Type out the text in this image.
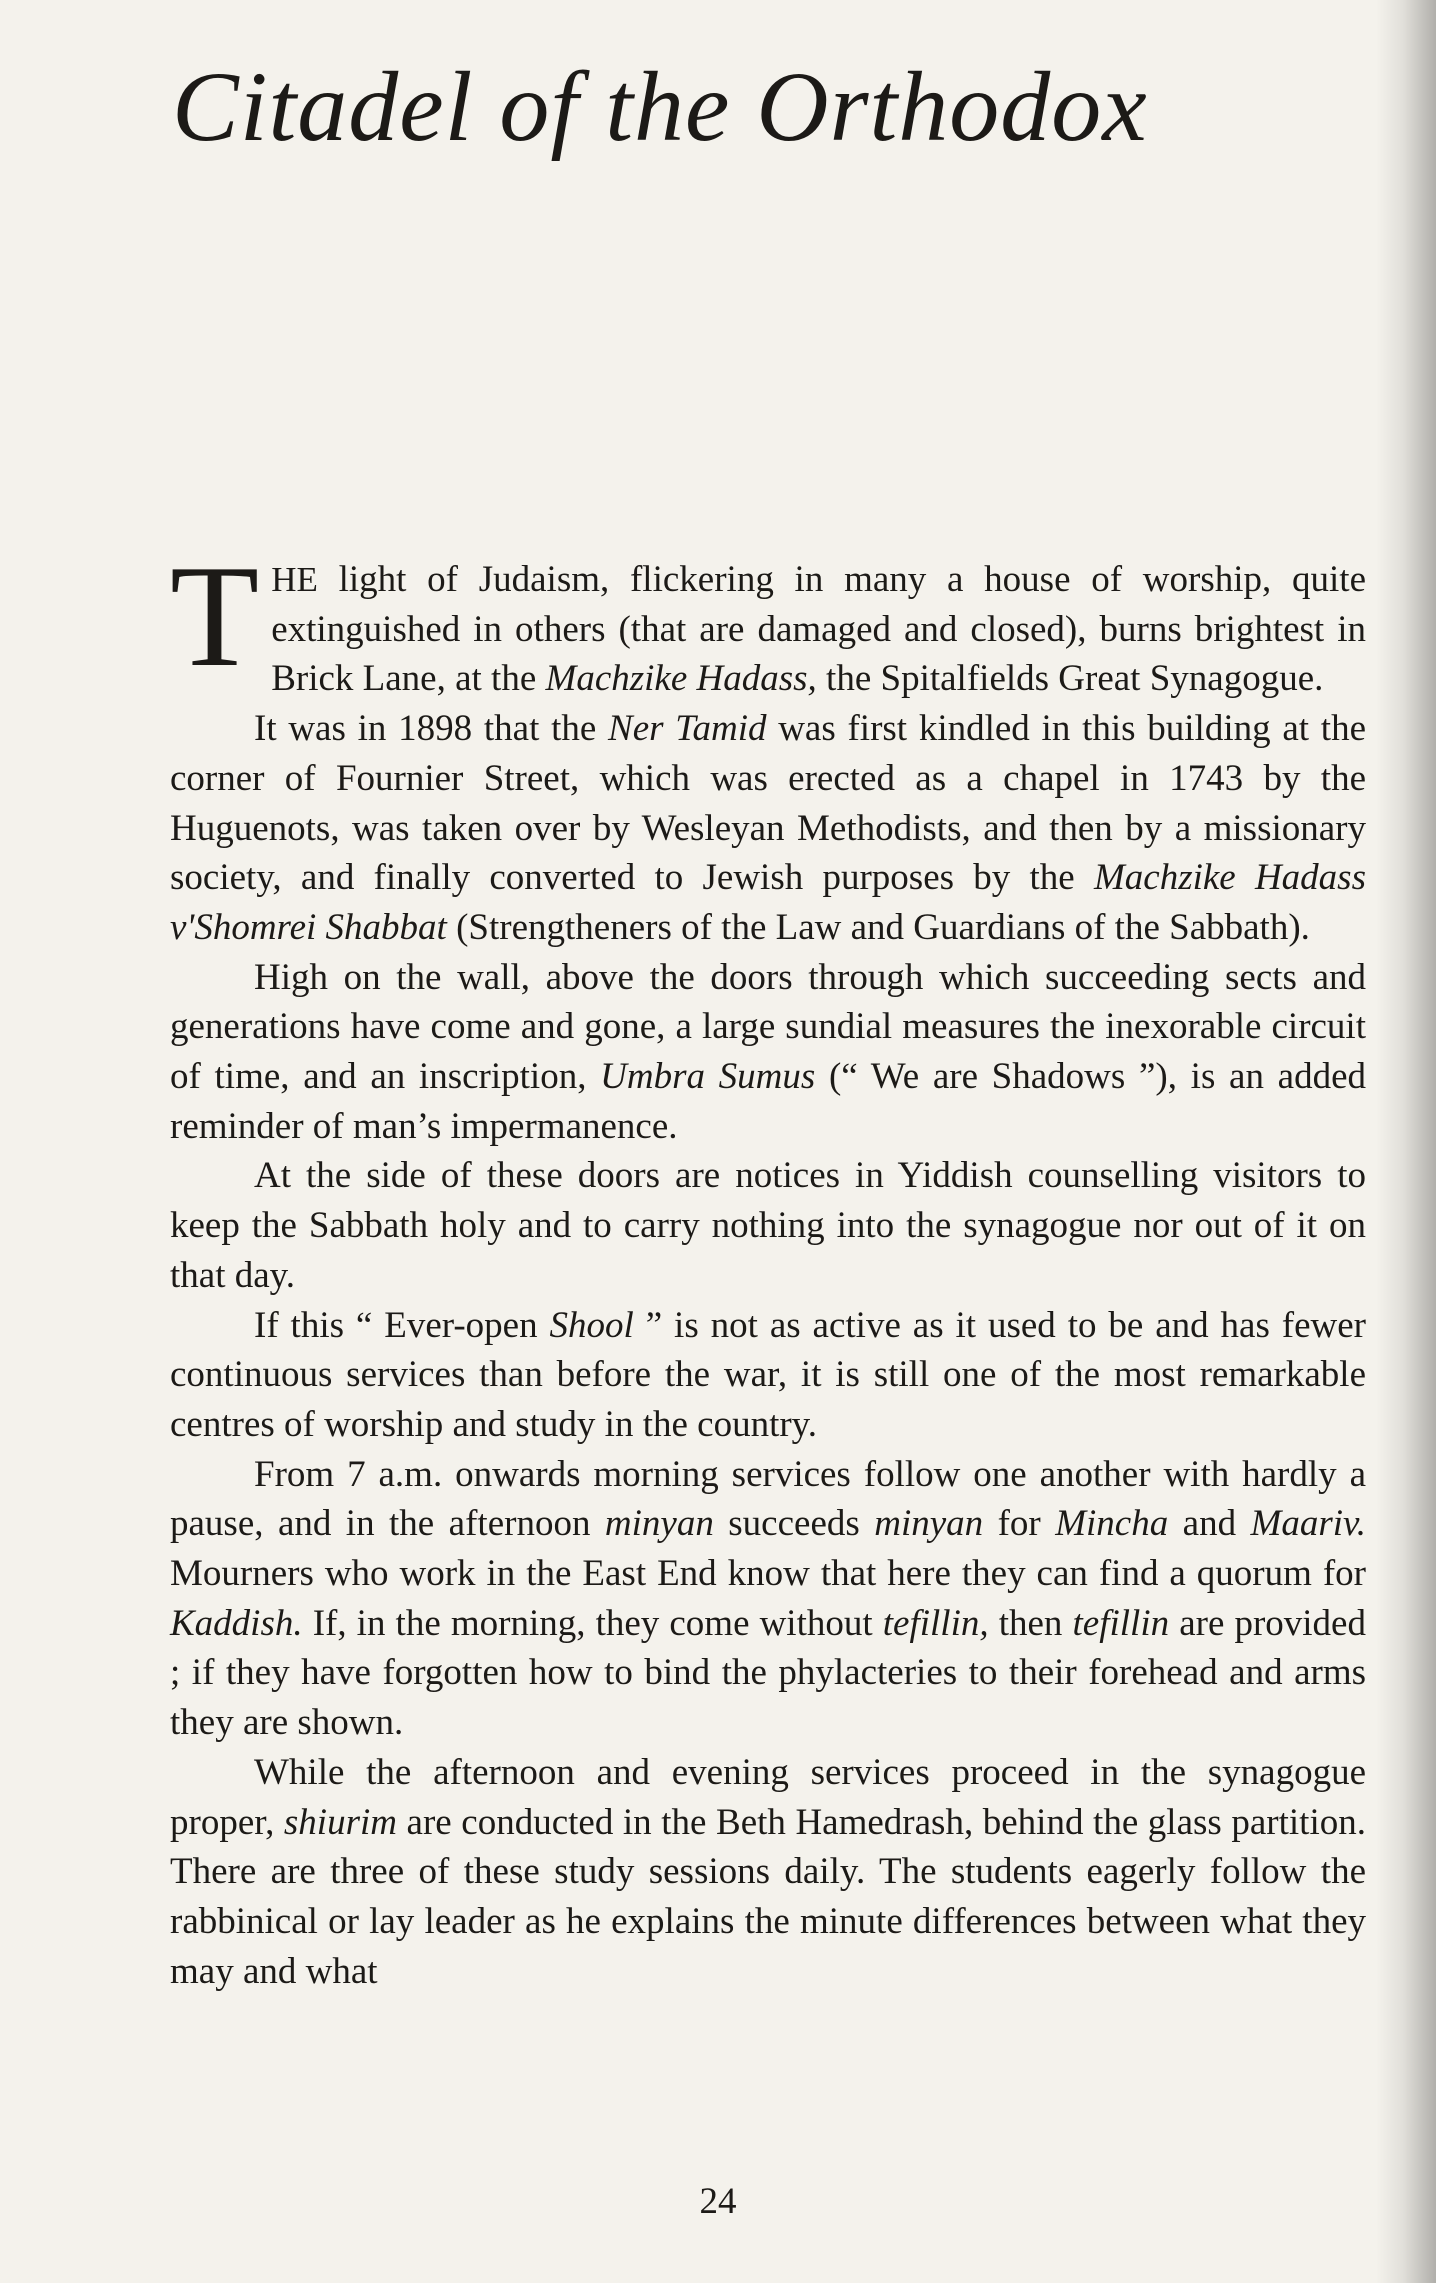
Citadel of the Orthodox

THE light of Judaism, flickering in many a house of worship, quite extinguished in others (that are damaged and closed), burns brightest in Brick Lane, at the Machzike Hadass, the Spitalfields Great Synagogue.

It was in 1898 that the Ner Tamid was first kindled in this building at the corner of Fournier Street, which was erected as a chapel in 1743 by the Huguenots, was taken over by Wesleyan Methodists, and then by a missionary society, and finally converted to Jewish purposes by the Machzike Hadass v'Shomrei Shabbat (Strengtheners of the Law and Guardians of the Sabbath).

High on the wall, above the doors through which succeeding sects and generations have come and gone, a large sundial measures the inexorable circuit of time, and an inscription, Umbra Sumus (“ We are Shadows ”), is an added reminder of man’s impermanence.

At the side of these doors are notices in Yiddish counselling visitors to keep the Sabbath holy and to carry nothing into the synagogue nor out of it on that day.

If this “ Ever-open Shool ” is not as active as it used to be and has fewer continuous services than before the war, it is still one of the most remarkable centres of worship and study in the country.

From 7 a.m. onwards morning services follow one another with hardly a pause, and in the afternoon minyan succeeds minyan for Mincha and Maariv. Mourners who work in the East End know that here they can find a quorum for Kaddish. If, in the morning, they come without tefillin, then tefillin are provided ; if they have forgotten how to bind the phylacteries to their forehead and arms they are shown.

While the afternoon and evening services proceed in the synagogue proper, shiurim are conducted in the Beth Hamedrash, behind the glass partition. There are three of these study sessions daily. The students eagerly follow the rabbinical or lay leader as he explains the minute differences between what they may and what

24
